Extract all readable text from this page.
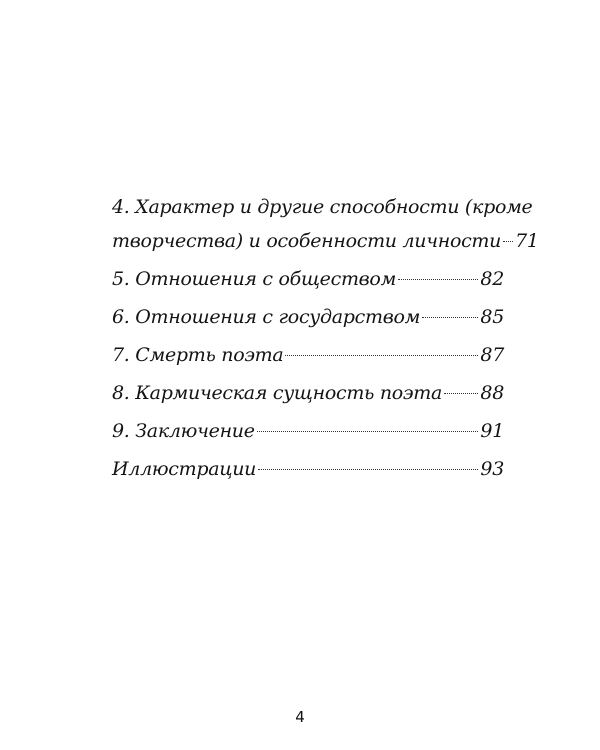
4. Характер и другие способности (кроме
творчества) и особенности личности 71
5. Отношения с обществом	82
6. Отношения с государством	85
7. Смерть поэта	87
8. Кармическая сущность поэта 88
9. Заключение	91
Иллюстрации	93
4
